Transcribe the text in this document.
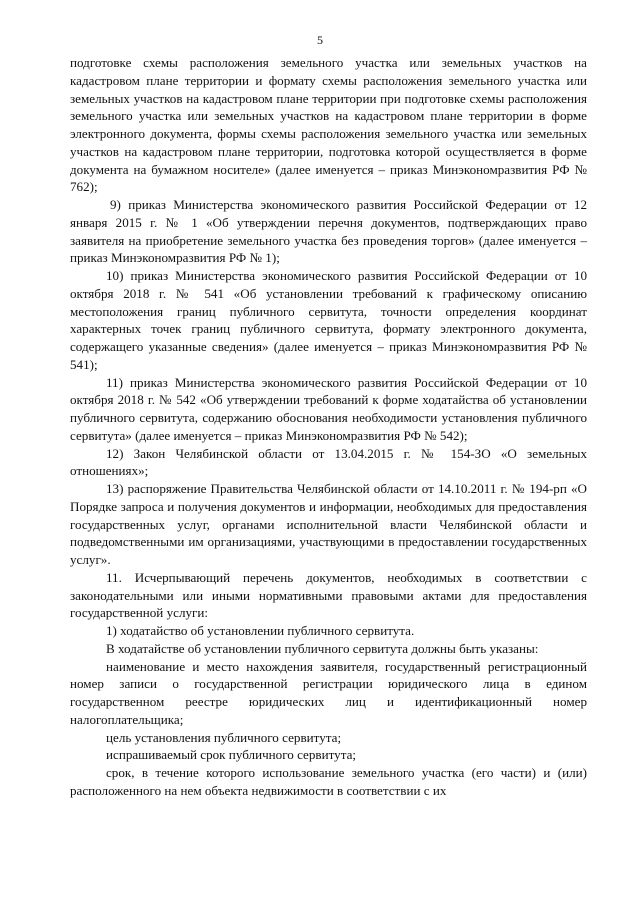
5

подготовке схемы расположения земельного участка или земельных участков на кадастровом плане территории и формату схемы расположения земельного участка или земельных участков на кадастровом плане территории при подготовке схемы расположения земельного участка или земельных участков на кадастровом плане территории в форме электронного документа, формы схемы расположения земельного участка или земельных участков на кадастровом плане территории, подготовка которой осуществляется в форме документа на бумажном носителе» (далее именуется – приказ Минэкономразвития РФ № 762);

9) приказ Министерства экономического развития Российской Федерации от 12 января 2015 г. № 1 «Об утверждении перечня документов, подтверждающих право заявителя на приобретение земельного участка без проведения торгов» (далее именуется – приказ Минэкономразвития РФ № 1);

10) приказ Министерства экономического развития Российской Федерации от 10 октября 2018 г. № 541 «Об установлении требований к графическому описанию местоположения границ публичного сервитута, точности определения координат характерных точек границ публичного сервитута, формату электронного документа, содержащего указанные сведения» (далее именуется – приказ Минэкономразвития РФ № 541);

11) приказ Министерства экономического развития Российской Федерации от 10 октября 2018 г. № 542 «Об утверждении требований к форме ходатайства об установлении публичного сервитута, содержанию обоснования необходимости установления публичного сервитута» (далее именуется – приказ Минэкономразвития РФ № 542);

12) Закон Челябинской области от 13.04.2015 г. № 154-ЗО «О земельных отношениях»;

13) распоряжение Правительства Челябинской области от 14.10.2011 г. № 194-рп «О Порядке запроса и получения документов и информации, необходимых для предоставления государственных услуг, органами исполнительной власти Челябинской области и подведомственными им организациями, участвующими в предоставлении государственных услуг».

11. Исчерпывающий перечень документов, необходимых в соответствии с законодательными или иными нормативными правовыми актами для предоставления государственной услуги:

1) ходатайство об установлении публичного сервитута.

В ходатайстве об установлении публичного сервитута должны быть указаны:

наименование и место нахождения заявителя, государственный регистрационный номер записи о государственной регистрации юридического лица в едином государственном реестре юридических лиц и идентификационный номер налогоплательщика;

цель установления публичного сервитута;

испрашиваемый срок публичного сервитута;

срок, в течение которого использование земельного участка (его части) и (или) расположенного на нем объекта недвижимости в соответствии с их
